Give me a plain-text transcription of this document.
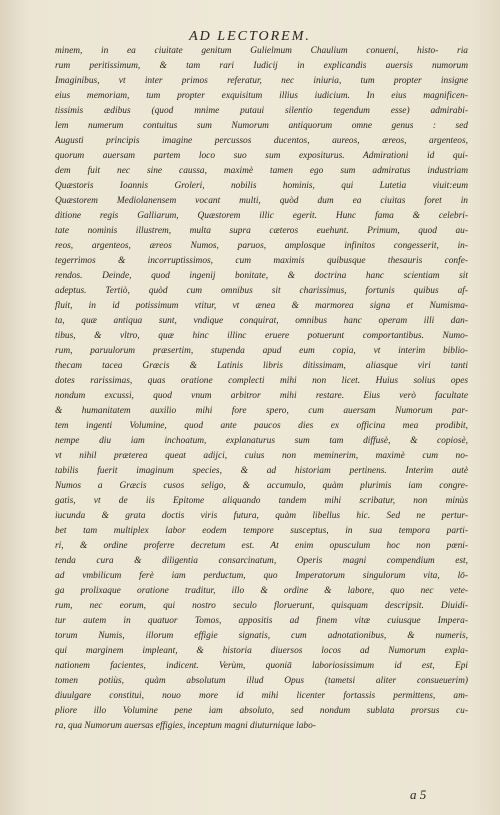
AD LECTOREM.
minem, in ea ciuitate genitum Gulielmum Chaulium conueni, histo- ria
rum peritissimum, & tam rari Iudicij in explicandis auersis numorum
Imaginibus, vt inter primos referatur, nec iniuria, tum propter insigne
eius memoriam, tum propter exquisitum illius iudicium. In eius magnificen-
tissimis ædibus (quod mnime putaui silentio tegendum esse) admirabi-
lem numerum contuitus sum Numorum antiquorum omne genus : sed
Augusti principis imagine percussos ducentos, aureos, æreos, argenteos,
quorum auersam partem loco suo sum expositurus. Admirationi id qui-
dem fuit nec sine caussa, maximè tamen ego sum admiratus industriam
Quæstoris Ioannis Groleri, nobilis hominis, qui Lutetia viuit:eum
Quæstorem Mediolanensem vocant multi, quòd dum ea ciuitas foret in
ditione regis Galliarum, Quæstorem illic egerit. Hunc fama & celebri-
tate nominis illustrem, multa supra cæteros euehunt. Primum, quod au-
reos, argenteos, æreos Numos, paruos, amplosque infinitos congesserit, in-
tegerrimos & incorruptissimos, cum maximis quibusque thesauris confe-
rendos. Deinde, quod ingenij bonitate, & doctrina hanc scientiam sit
adeptus. Tertiò, quòd cum omnibus sit charissimus, fortunis quibus af-
fluit, in id potissimum vtitur, vt ænea & marmorea signa et Numisma-
ta, quæ antiqua sunt, vndique conquirat, omnibus hanc operam illi dan-
tibus, & vltro, quæ hinc illinc eruere potuerunt comportantibus. Numo-
rum, paruulorum præsertim, stupenda apud eum copia, vt interim biblio-
thecam tacea Græcis & Latinis libris ditissimam, aliasque viri tanti
dotes rarissimas, quas oratione complecti mihi non licet. Huius solius opes
nondum excussi, quod vnum arbitror mihi restare. Eius verò facultate
& humanitatem auxilio mihi fore spero, cum auersam Numorum par-
tem ingenti Volumine, quod ante paucos dies ex officina mea prodibit,
nempe diu iam inchoatum, explanaturus sum tam diffusè, & copiosè,
vt nihil præterea queat adijci, cuius non meminerim, maximè cum no-
tabilis fuerit imaginum species, & ad historiam pertinens. Interim autè
Numos a Græcis cusos seligo, & accumulo, quàm plurimis iam congre-
gatis, vt de iis Epitome aliquando tandem mihi scribatur, non minùs
iucunda & grata doctis viris futura, quàm libellus hic. Sed ne pertur-
bet tam multiplex labor eodem tempore susceptus, in sua tempora parti-
ri, & ordine proferre decretum est. At enim opusculum hoc non pœni-
tenda cura & diligentia consarcinatum, Operis magni compendium est,
ad vmbilicum ferè iam perductum, quo Imperatorum singulorum vita, lō-
ga prolixaque oratione traditur, illo & ordine & labore, quo nec vete-
rum, nec eorum, qui nostro seculo floruerunt, quisquam descripsit. Diuidi-
tur autem in quatuor Tomos, appositis ad finem vitæ cuiusque Impera-
torum Numis, illorum effigie signatis, cum adnotationibus, & numeris,
qui marginem impleant, & historia diuersos locos ad Numorum expla-
nationem facientes, indicent. Verùm, quoniā laboriosissimum id est, Epi
tomen potiùs, quàm absolutum illud Opus (tametsi aliter consueuerim)
diuulgare constitui, nouo more id mihi licenter fortassis permittens, am-
pliore illo Volumine pene iam absoluto, sed nondum sublata prorsus cu-
ra, qua Numorum auersas effigies, inceptum magni diuturnique labo-
a 5
